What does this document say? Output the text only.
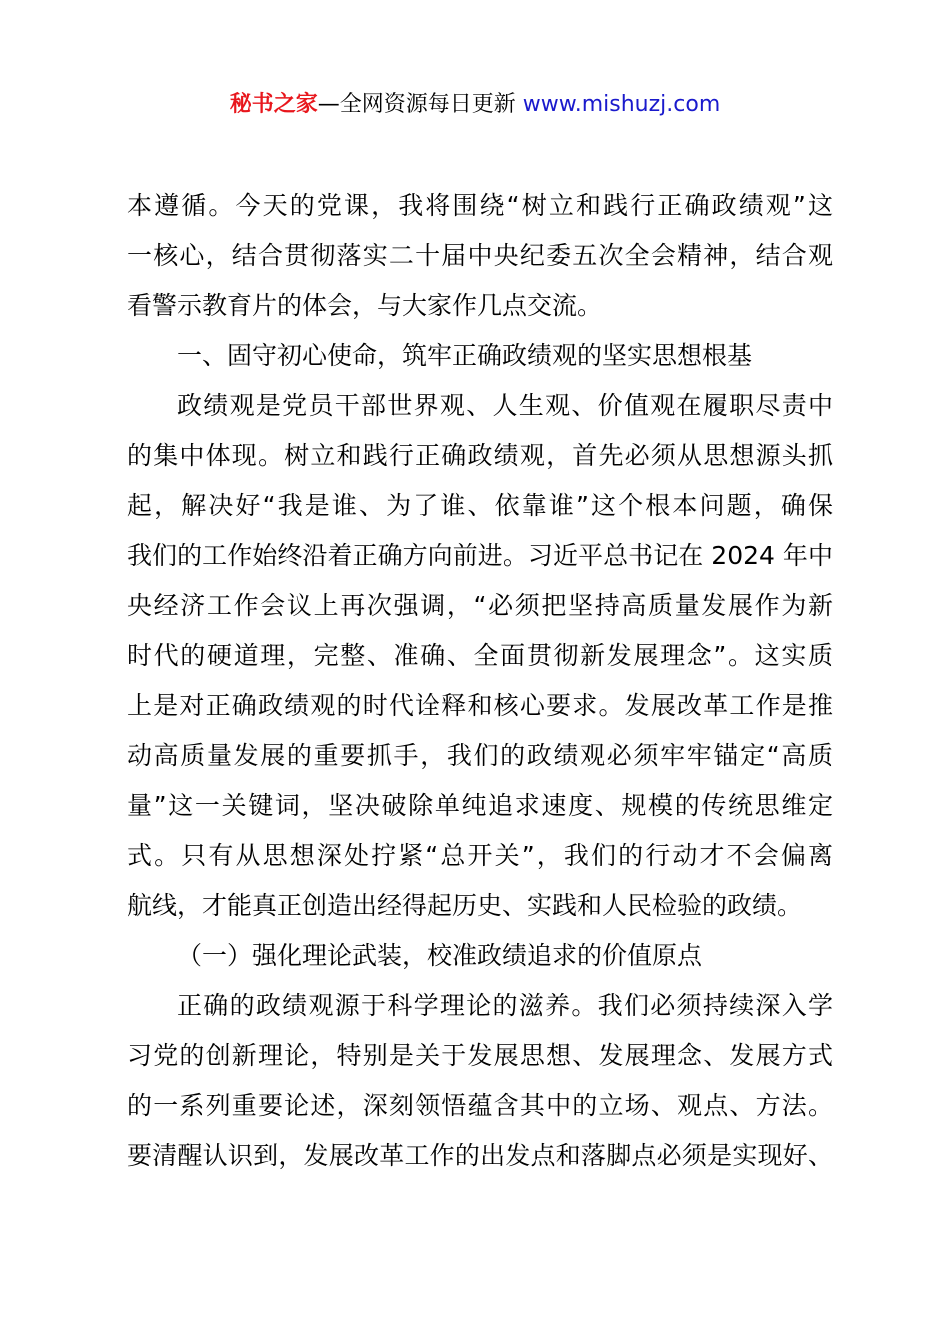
秘书之家—全网资源每日更新 www.mishuzj.com
本遵循。今天的党课，我将围绕“树立和践行正确政绩观”这
一核心，结合贯彻落实二十届中央纪委五次全会精神，结合观
看警示教育片的体会，与大家作几点交流。
一、固守初心使命，筑牢正确政绩观的坚实思想根基
政绩观是党员干部世界观、人生观、价值观在履职尽责中
的集中体现。树立和践行正确政绩观，首先必须从思想源头抓
起，解决好“我是谁、为了谁、依靠谁”这个根本问题，确保
我们的工作始终沿着正确方向前进。习近平总书记在 2024 年中
央经济工作会议上再次强调，“必须把坚持高质量发展作为新
时代的硬道理，完整、准确、全面贯彻新发展理念”。这实质
上是对正确政绩观的时代诠释和核心要求。发展改革工作是推
动高质量发展的重要抓手，我们的政绩观必须牢牢锚定“高质
量”这一关键词，坚决破除单纯追求速度、规模的传统思维定
式。只有从思想深处拧紧“总开关”，我们的行动才不会偏离
航线，才能真正创造出经得起历史、实践和人民检验的政绩。
（一）强化理论武装，校准政绩追求的价值原点
正确的政绩观源于科学理论的滋养。我们必须持续深入学
习党的创新理论，特别是关于发展思想、发展理念、发展方式
的一系列重要论述，深刻领悟蕴含其中的立场、观点、方法。
要清醒认识到，发展改革工作的出发点和落脚点必须是实现好、
